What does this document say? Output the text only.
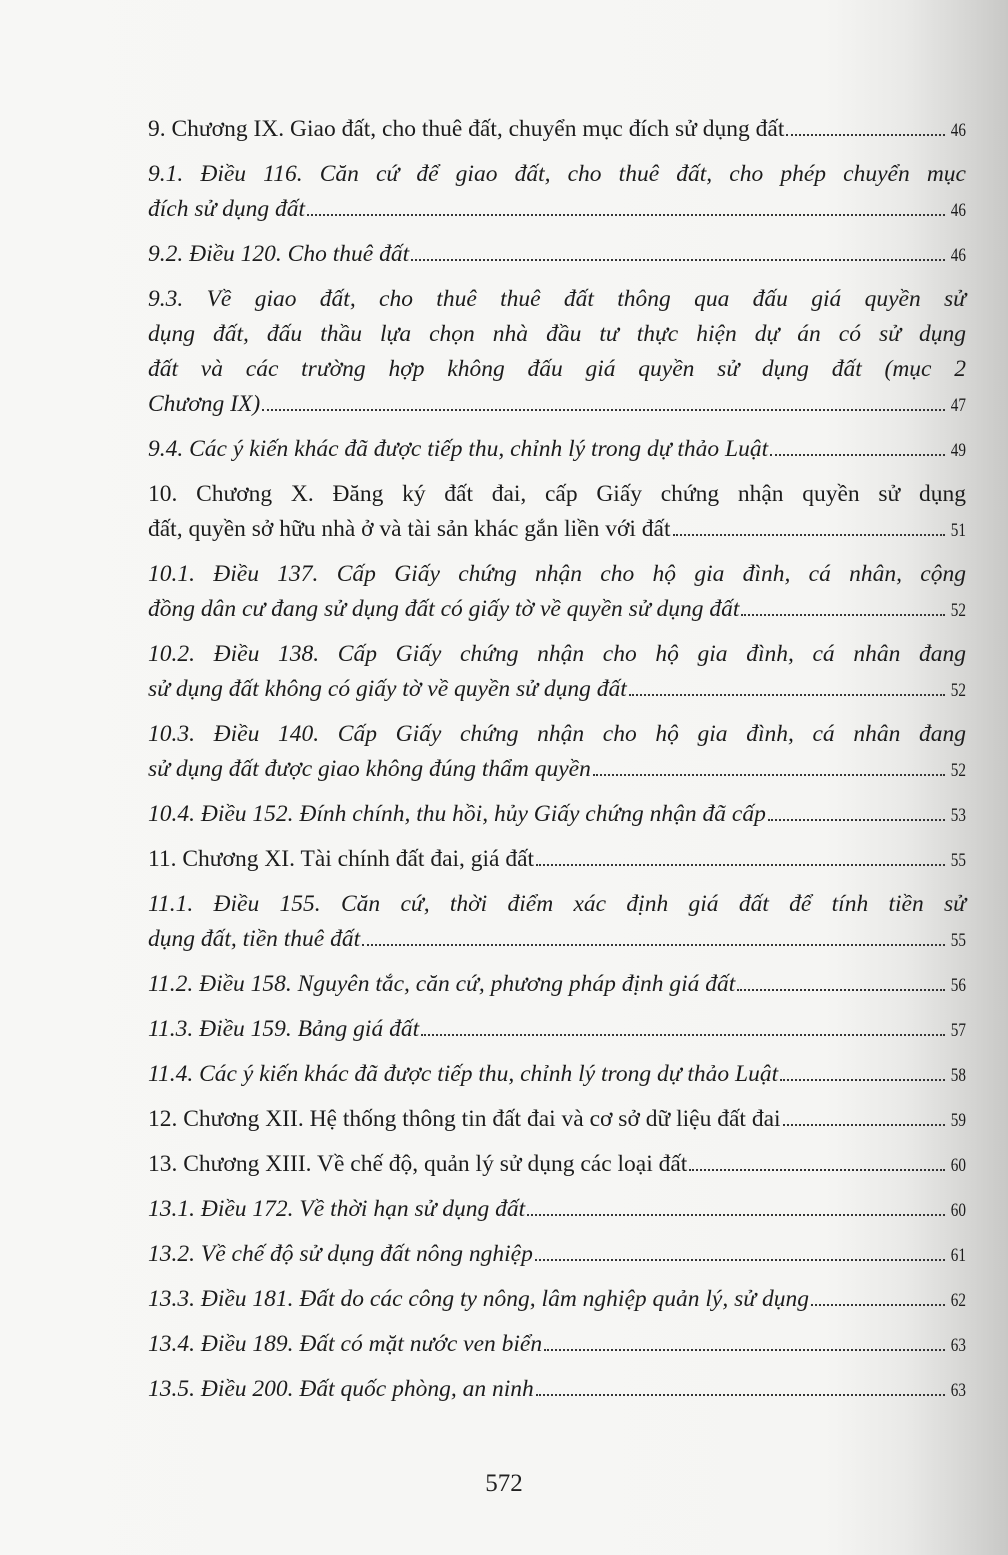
9. Chương IX. Giao đất, cho thuê đất, chuyển mục đích sử dụng đất	46
9.1. Điều 116. Căn cứ để giao đất, cho thuê đất, cho phép chuyển mục
đích sử dụng đất	46
9.2. Điều 120. Cho thuê đất	46
9.3. Về giao đất, cho thuê thuê đất thông qua đấu giá quyền sử
dụng đất, đấu thầu lựa chọn nhà đầu tư thực hiện dự án có sử dụng
đất và các trường hợp không đấu giá quyền sử dụng đất (mục 2
Chương IX)	47
9.4. Các ý kiến khác đã được tiếp thu, chỉnh lý trong dự thảo Luật	49
10. Chương X. Đăng ký đất đai, cấp Giấy chứng nhận quyền sử dụng
đất, quyền sở hữu nhà ở và tài sản khác gắn liền với đất	51
10.1. Điều 137. Cấp Giấy chứng nhận cho hộ gia đình, cá nhân, cộng
đồng dân cư đang sử dụng đất có giấy tờ về quyền sử dụng đất	52
10.2. Điều 138. Cấp Giấy chứng nhận cho hộ gia đình, cá nhân đang
sử dụng đất không có giấy tờ về quyền sử dụng đất	52
10.3. Điều 140. Cấp Giấy chứng nhận cho hộ gia đình, cá nhân đang
sử dụng đất được giao không đúng thẩm quyền	52
10.4. Điều 152. Đính chính, thu hồi, hủy Giấy chứng nhận đã cấp	53
11. Chương XI. Tài chính đất đai, giá đất	55
11.1. Điều 155. Căn cứ, thời điểm xác định giá đất để tính tiền sử
dụng đất, tiền thuê đất	55
11.2. Điều 158. Nguyên tắc, căn cứ, phương pháp định giá đất	56
11.3. Điều 159. Bảng giá đất	57
11.4. Các ý kiến khác đã được tiếp thu, chỉnh lý trong dự thảo Luật	58
12. Chương XII. Hệ thống thông tin đất đai và cơ sở dữ liệu đất đai	59
13. Chương XIII. Về chế độ, quản lý sử dụng các loại đất	60
13.1. Điều 172. Về thời hạn sử dụng đất	60
13.2. Về chế độ sử dụng đất nông nghiệp	61
13.3. Điều 181. Đất do các công ty nông, lâm nghiệp quản lý, sử dụng	62
13.4. Điều 189. Đất có mặt nước ven biển	63
13.5. Điều 200. Đất quốc phòng, an ninh	63
572
